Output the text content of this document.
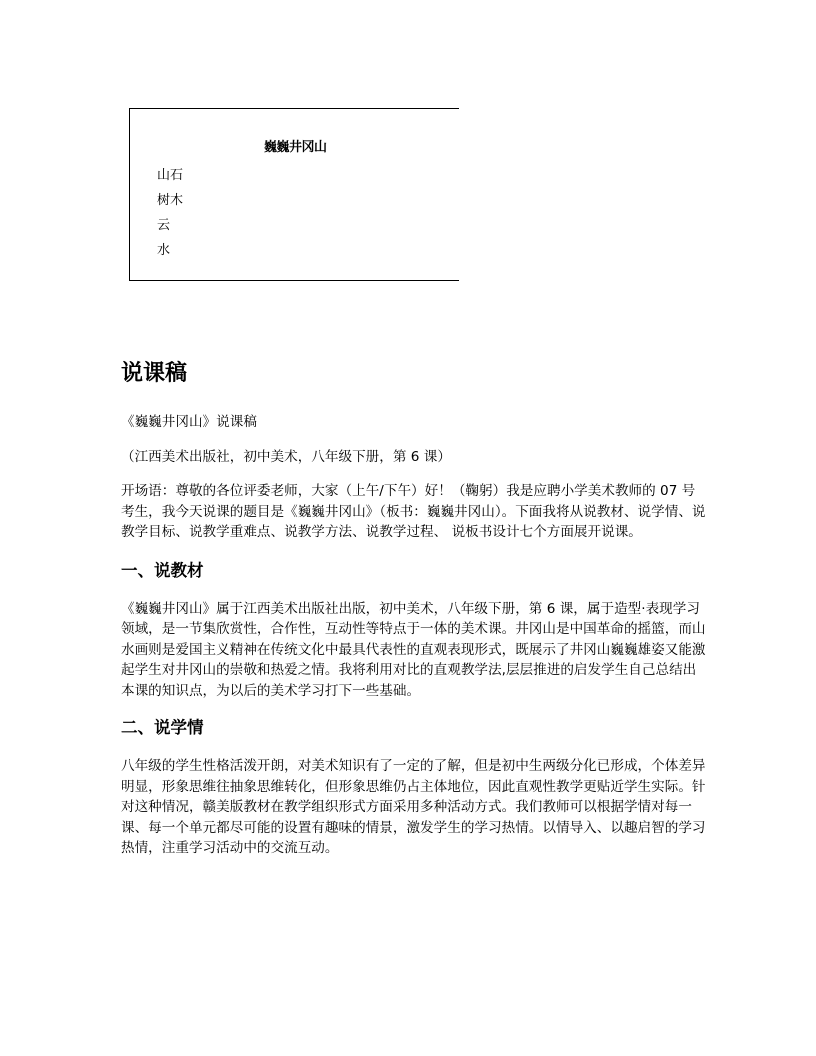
巍巍井冈山
山石
树木
云
水
说课稿

《巍巍井冈山》说课稿

（江西美术出版社，初中美术，八年级下册，第 6 课）

开场语：尊敬的各位评委老师，大家（上午/下午）好！（鞠躬）我是应聘小学美术教师的 07 号考生，我今天说课的题目是《巍巍井冈山》（板书：巍巍井冈山）。下面我将从说教材、说学情、说教学目标、说教学重难点、说教学方法、说教学过程、 说板书设计七个方面展开说课。

一、说教材

《巍巍井冈山》属于江西美术出版社出版，初中美术，八年级下册，第 6 课，属于造型·表现学习领域，是一节集欣赏性，合作性，互动性等特点于一体的美术课。井冈山是中国革命的摇篮，而山水画则是爱国主义精神在传统文化中最具代表性的直观表现形式，既展示了井冈山巍巍雄姿又能激起学生对井冈山的崇敬和热爱之情。我将利用对比的直观教学法,层层推进的启发学生自己总结出本课的知识点，为以后的美术学习打下一些基础。

二、说学情

八年级的学生性格活泼开朗，对美术知识有了一定的了解，但是初中生两级分化已形成，个体差异明显，形象思维往抽象思维转化，但形象思维仍占主体地位，因此直观性教学更贴近学生实际。针对这种情况，赣美版教材在教学组织形式方面采用多种活动方式。我们教师可以根据学情对每一课、每一个单元都尽可能的设置有趣味的情景，激发学生的学习热情。以情导入、以趣启智的学习热情，注重学习活动中的交流互动。
